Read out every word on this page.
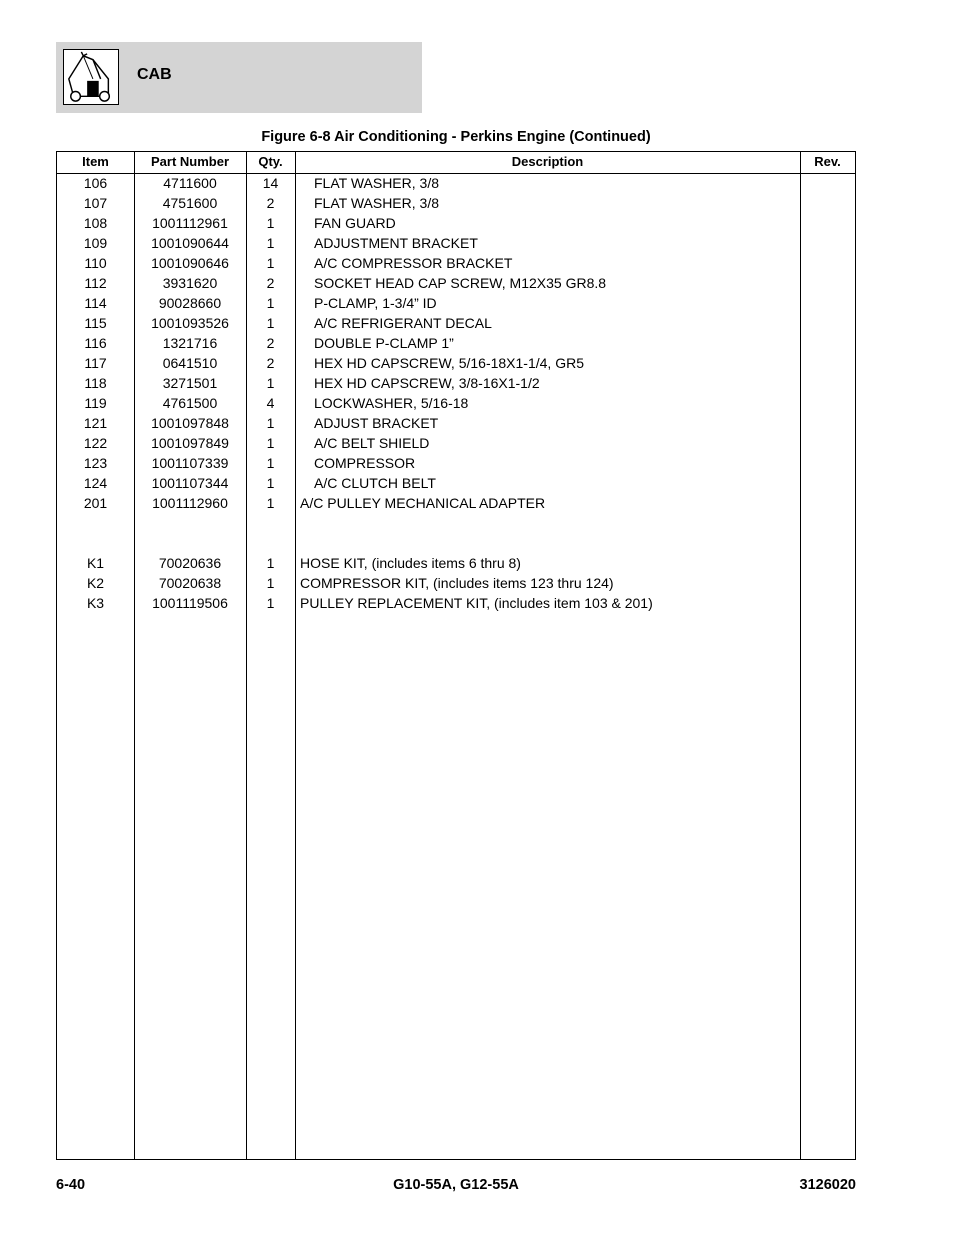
CAB
Figure 6-8 Air Conditioning - Perkins Engine (Continued)
Item	Part Number	Qty.	Description	Rev.
106	4711600	14	FLAT WASHER, 3/8
107	4751600	2	FLAT WASHER, 3/8
108	1001112961	1	FAN GUARD
109	1001090644	1	ADJUSTMENT BRACKET
110	1001090646	1	A/C COMPRESSOR BRACKET
112	3931620	2	SOCKET HEAD CAP SCREW, M12X35 GR8.8
114	90028660	1	P-CLAMP, 1-3/4” ID
115	1001093526	1	A/C REFRIGERANT DECAL
116	1321716	2	DOUBLE P-CLAMP 1”
117	0641510	2	HEX HD CAPSCREW, 5/16-18X1-1/4, GR5
118	3271501	1	HEX HD CAPSCREW, 3/8-16X1-1/2
119	4761500	4	LOCKWASHER, 5/16-18
121	1001097848	1	ADJUST BRACKET
122	1001097849	1	A/C BELT SHIELD
123	1001107339	1	COMPRESSOR
124	1001107344	1	A/C CLUTCH BELT
201	1001112960	1	A/C PULLEY MECHANICAL ADAPTER
K1	70020636	1	HOSE KIT, (includes items 6 thru 8)
K2	70020638	1	COMPRESSOR KIT, (includes items 123 thru 124)
K3	1001119506	1	PULLEY REPLACEMENT KIT, (includes item 103 & 201)
6-40	G10-55A, G12-55A	3126020
